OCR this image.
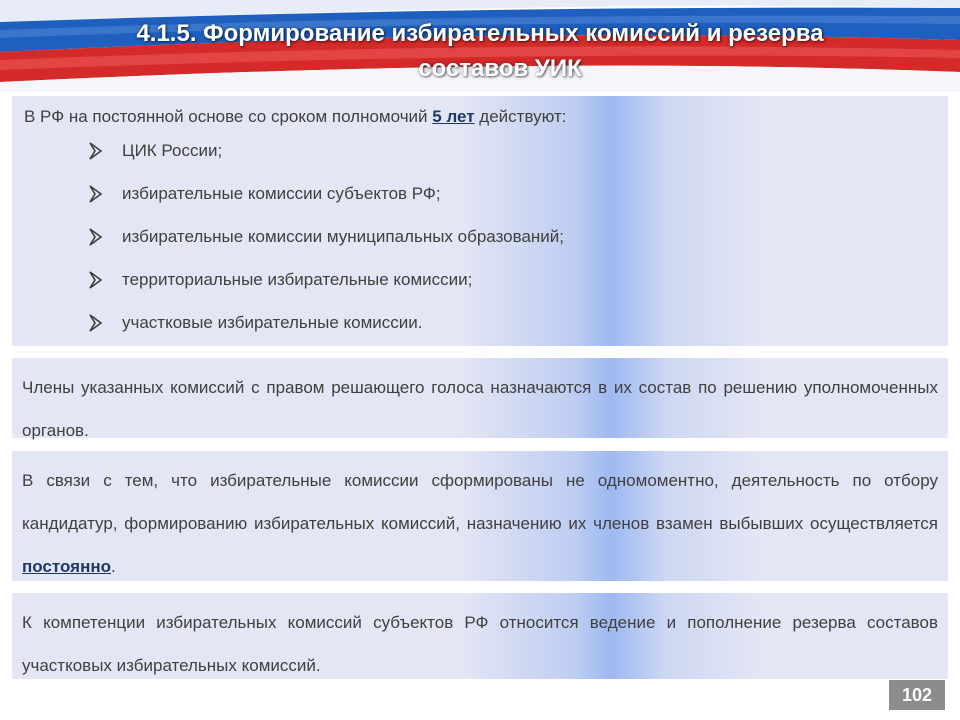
4.1.5. Формирование избирательных комиссий и резерва
составов УИК
В РФ на постоянной основе со сроком полномочий 5 лет действуют:
ЦИК России;
избирательные комиссии субъектов РФ;
избирательные комиссии муниципальных образований;
территориальные избирательные комиссии;
участковые избирательные комиссии.
Члены указанных комиссий с правом решающего голоса назначаются в их состав по решению уполномоченных органов.
В связи с тем, что избирательные комиссии сформированы не одномоментно, деятельность по отбору кандидатур, формированию избирательных комиссий, назначению их членов взамен выбывших осуществляется постоянно.
К компетенции избирательных комиссий субъектов РФ относится ведение и пополнение резерва составов участковых избирательных комиссий.
102
